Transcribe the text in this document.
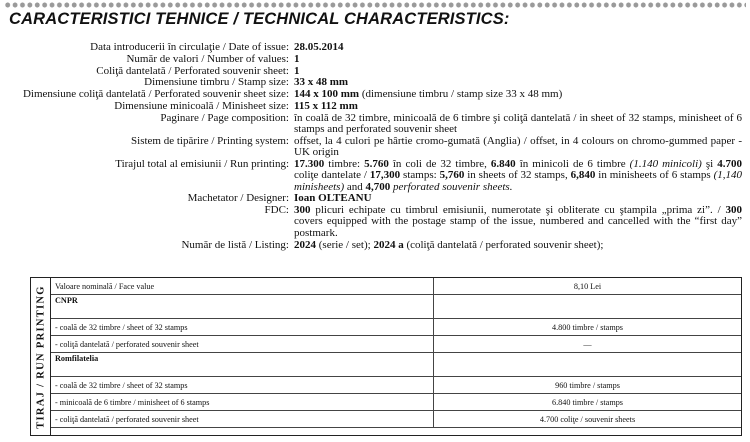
CARACTERISTICI TEHNICE / TECHNICAL CHARACTERISTICS:
Data introducerii în circulaţie / Date of issue: 28.05.2014
Număr de valori / Number of values: 1
Coliţă dantelată / Perforated souvenir sheet: 1
Dimensiune timbru / Stamp size: 33 x 48 mm
Dimensiune coliţă dantelată / Perforated souvenir sheet size: 144 x 100 mm (dimensiune timbru / stamp size 33 x 48 mm)
Dimensiune minicoală / Minisheet size: 115 x 112 mm
Paginare / Page composition: în coală de 32 timbre, minicoală de 6 timbre şi coliţă dantelată / in sheet of 32 stamps, minisheet of 6 stamps and perforated souvenir sheet
Sistem de tipărire / Printing system: offset, la 4 culori pe hârtie cromo-gumată (Anglia) / offset, in 4 colours on chromo-gummed paper - UK origin
Tirajul total al emisiunii / Run printing: 17.300 timbre: 5.760 în coli de 32 timbre, 6.840 în minicoli de 6 timbre (1.140 minicoli) şi 4.700 coliţe dantelate / 17,300 stamps: 5,760 in sheets of 32 stamps, 6,840 in minisheets of 6 stamps (1,140 minisheets) and 4,700 perforated souvenir sheets.
Machetator / Designer: Ioan OLTEANU
FDC: 300 plicuri echipate cu timbrul emisiunii, numerotate şi obliterate cu ştampila „prima zi”. / 300 covers equipped with the postage stamp of the issue, numbered and cancelled with the “first day” postmark.
Număr de listă / Listing: 2024 (serie / set); 2024 a (coliţă dantelată / perforated souvenir sheet);
TIRAJ / RUN PRINTING Valoare nominală / Face value	8,10 Lei
CNPR	
- coală de 32 timbre / sheet of 32 stamps	4.800 timbre / stamps
- coliţă dantelată / perforated souvenir sheet	—
Romfilatelia	
- coală de 32 timbre / sheet of 32 stamps	960 timbre / stamps
- minicoală de 6 timbre / minisheet of 6 stamps	6.840 timbre / stamps
- coliţă dantelată / perforated souvenir sheet	4.700 coliţe / souvenir sheets
